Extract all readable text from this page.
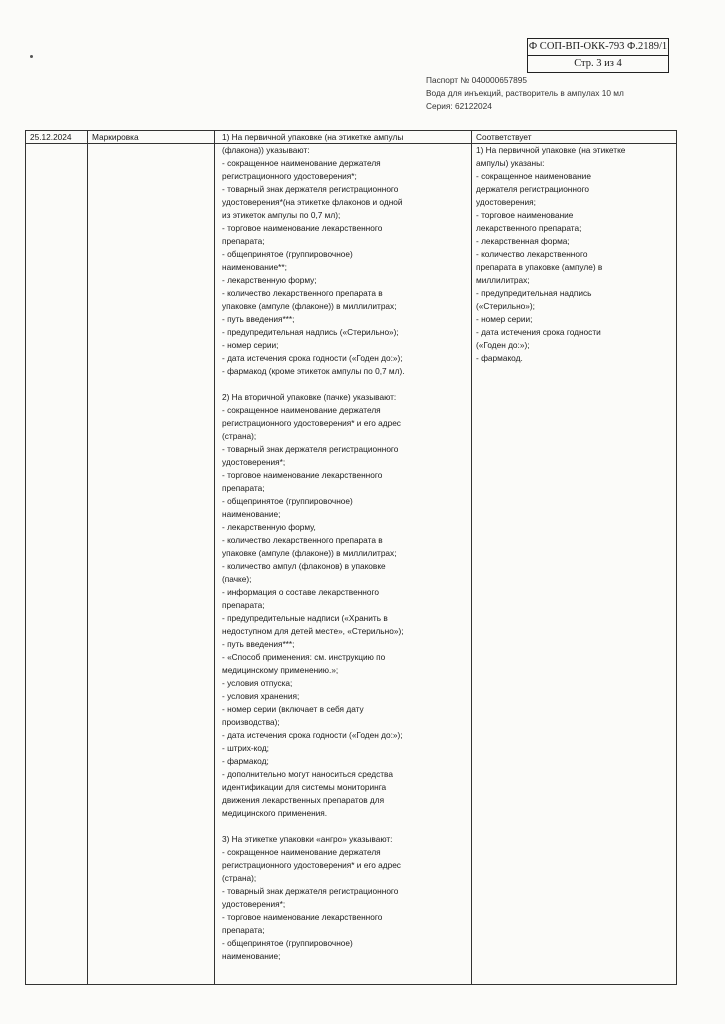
Ф СОП-ВП-ОКК-793 Ф.2189/1
Стр. 3 из 4
Паспорт № 040000657895
Вода для инъекций, растворитель в ампулах 10 мл
Серия: 62122024
25.12.2024 Маркировка	1) На первичной упаковке (на этикетке ампулы
(флакона)) указывают:
- сокращенное наименование держателя
регистрационного удостоверения*;
- товарный знак держателя регистрационного
удостоверения*(на этикетке флаконов и одной
из этикеток ампулы по 0,7 мл);
- торговое наименование лекарственного
препарата;
- общепринятое (группировочное)
наименование**;
- лекарственную форму;
- количество лекарственного препарата в
упаковке (ампуле (флаконе)) в миллилитрах;
- путь введения***;
- предупредительная надпись («Стерильно»);
- номер серии;
- дата истечения срока годности («Годен до:»);
- фармакод (кроме этикеток ампулы по 0,7 мл).
2) На вторичной упаковке (пачке) указывают:
- сокращенное наименование держателя
регистрационного удостоверения* и его адрес
(страна);
- товарный знак держателя регистрационного
удостоверения*;
- торговое наименование лекарственного
препарата;
- общепринятое (группировочное)
наименование;
- лекарственную форму,
- количество лекарственного препарата в
упаковке (ампуле (флаконе)) в миллилитрах;
- количество ампул (флаконов) в упаковке
(пачке);
- информация о составе лекарственного
препарата;
- предупредительные надписи («Хранить в
недоступном для детей месте», «Стерильно»);
- путь введения***;
- «Способ применения: см. инструкцию по
медицинскому применению.»;
- условия отпуска;
- условия хранения;
- номер серии (включает в себя дату
производства);
- дата истечения срока годности («Годен до:»);
- штрих-код;
- фармакод;
- дополнительно могут наноситься средства
идентификации для системы мониторинга
движения лекарственных препаратов для
медицинского применения.
3) На этикетке упаковки «ангро» указывают:
- сокращенное наименование держателя
регистрационного удостоверения* и его адрес
(страна);
- товарный знак держателя регистрационного
удостоверения*;
- торговое наименование лекарственного
препарата;
- общепринятое (группировочное)
наименование;
Соответствует
1) На первичной упаковке (на этикетке
ампулы) указаны:
- сокращенное наименование
держателя регистрационного
удостоверения;
- торговое наименование
лекарственного препарата;
- лекарственная форма;
- количество лекарственного
препарата в упаковке (ампуле) в
миллилитрах;
- предупредительная надпись
(«Стерильно»);
- номер серии;
- дата истечения срока годности
(«Годен до:»);
- фармакод.
